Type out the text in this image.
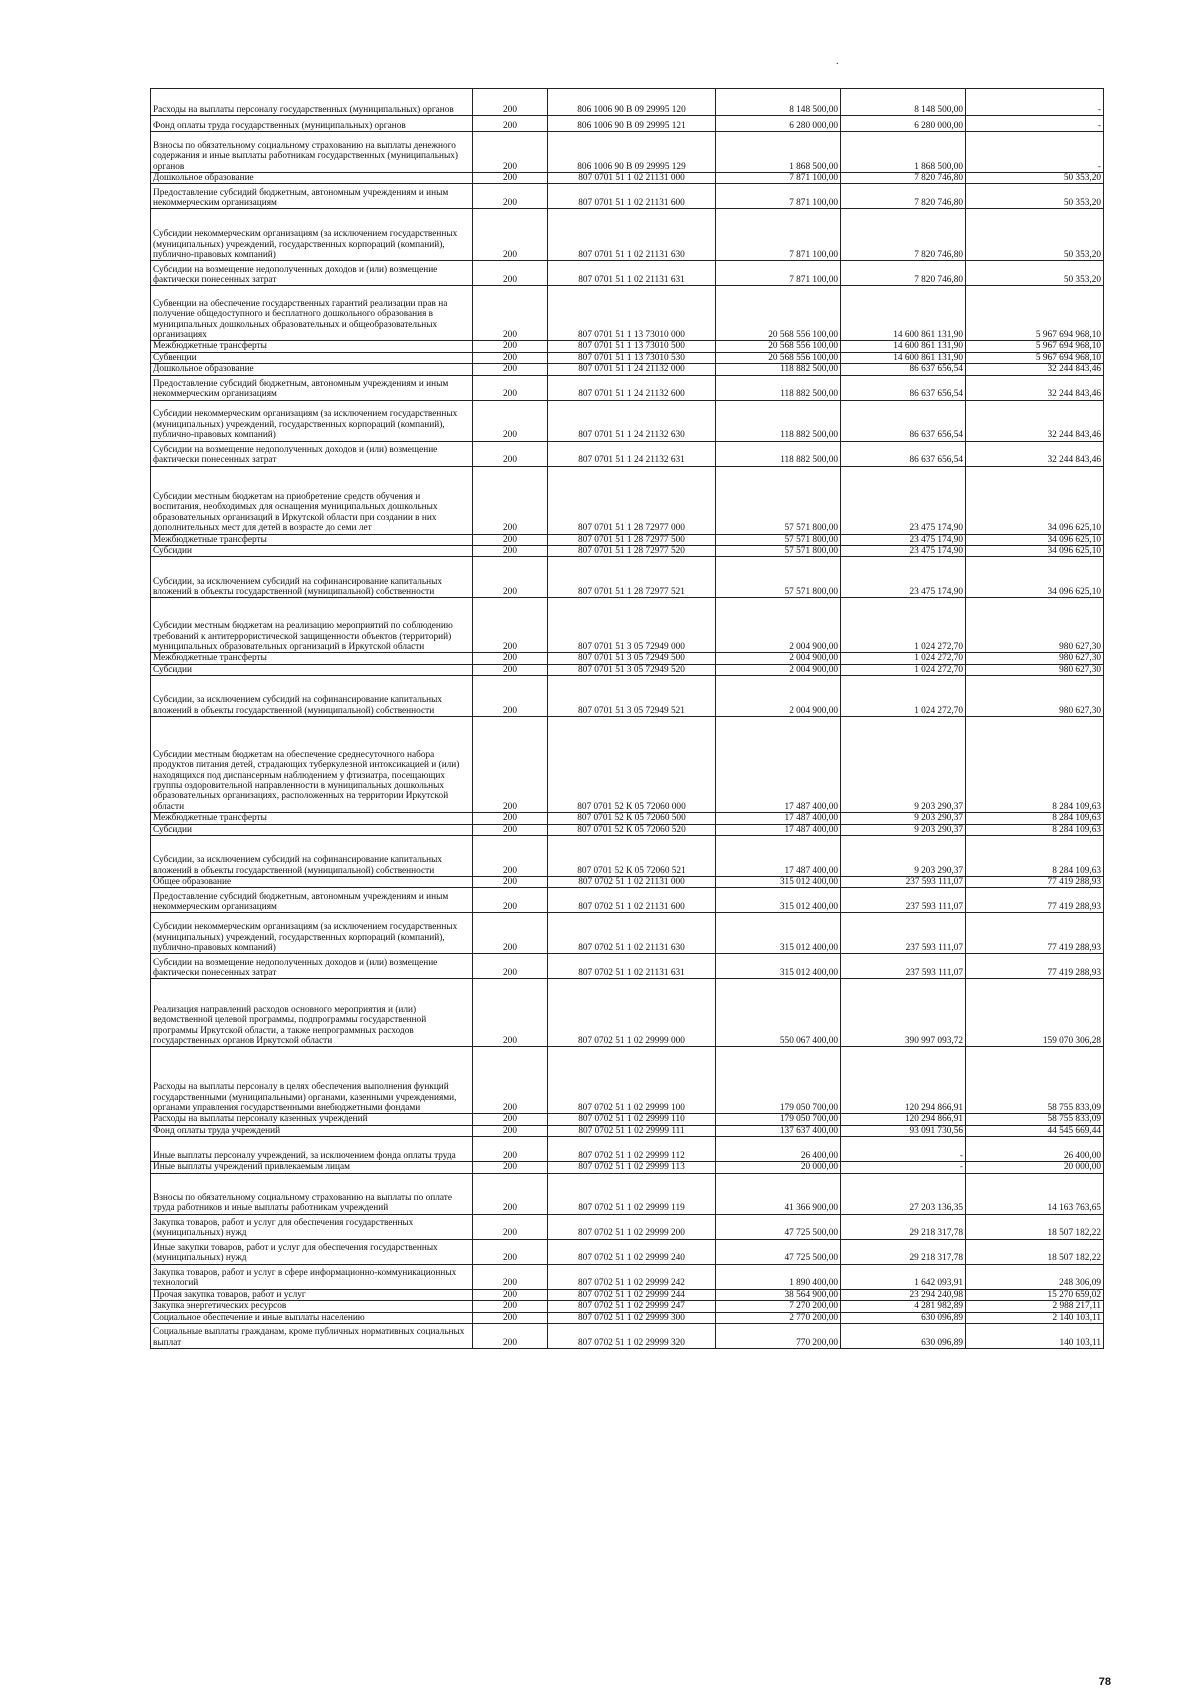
.
Расходы на выплаты персоналу государственных (муниципальных) органов	200	806 1006 90 В 09 29995 120	8 148 500,00	8 148 500,00	-
Фонд оплаты труда государственных (муниципальных) органов	200	806 1006 90 В 09 29995 121	6 280 000,00	6 280 000,00	-
Взносы по обязательному социальному страхованию на выплаты денежного содержания и иные выплаты работникам государственных (муниципальных) органов	200	806 1006 90 В 09 29995 129	1 868 500,00	1 868 500,00	-
Дошкольное образование	200	807 0701 51 1 02 21131 000	7 871 100,00	7 820 746,80	50 353,20
Предоставление субсидий бюджетным, автономным учреждениям и иным некоммерческим организациям	200	807 0701 51 1 02 21131 600	7 871 100,00	7 820 746,80	50 353,20
Субсидии некоммерческим организациям (за исключением государственных (муниципальных) учреждений, государственных корпораций (компаний), публично-правовых компаний)	200	807 0701 51 1 02 21131 630	7 871 100,00	7 820 746,80	50 353,20
Субсидии на возмещение недополученных доходов и (или) возмещение фактически понесенных затрат	200	807 0701 51 1 02 21131 631	7 871 100,00	7 820 746,80	50 353,20
Субвенции на обеспечение государственных гарантий реализации прав на получение общедоступного и бесплатного дошкольного образования в муниципальных дошкольных образовательных и общеобразовательных организациях	200	807 0701 51 1 13 73010 000	20 568 556 100,00	14 600 861 131,90	5 967 694 968,10
Межбюджетные трансферты	200	807 0701 51 1 13 73010 500	20 568 556 100,00	14 600 861 131,90	5 967 694 968,10
Субвенции	200	807 0701 51 1 13 73010 530	20 568 556 100,00	14 600 861 131,90	5 967 694 968,10
Дошкольное образование	200	807 0701 51 1 24 21132 000	118 882 500,00	86 637 656,54	32 244 843,46
Предоставление субсидий бюджетным, автономным учреждениям и иным некоммерческим организациям	200	807 0701 51 1 24 21132 600	118 882 500,00	86 637 656,54	32 244 843,46
Субсидии некоммерческим организациям (за исключением государственных (муниципальных) учреждений, государственных корпораций (компаний), публично-правовых компаний)	200	807 0701 51 1 24 21132 630	118 882 500,00	86 637 656,54	32 244 843,46
Субсидии на возмещение недополученных доходов и (или) возмещение фактически понесенных затрат	200	807 0701 51 1 24 21132 631	118 882 500,00	86 637 656,54	32 244 843,46
Субсидии местным бюджетам на приобретение средств обучения и воспитания, необходимых для оснащения муниципальных дошкольных образовательных организаций в Иркутской области при создании в них дополнительных мест для детей в возрасте до семи лет	200	807 0701 51 1 28 72977 000	57 571 800,00	23 475 174,90	34 096 625,10
Межбюджетные трансферты	200	807 0701 51 1 28 72977 500	57 571 800,00	23 475 174,90	34 096 625,10
Субсидии	200	807 0701 51 1 28 72977 520	57 571 800,00	23 475 174,90	34 096 625,10
Субсидии, за исключением субсидий на софинансирование капитальных вложений в объекты государственной (муниципальной) собственности	200	807 0701 51 1 28 72977 521	57 571 800,00	23 475 174,90	34 096 625,10
Субсидии местным бюджетам на реализацию мероприятий по соблюдению требований к антитеррористической защищенности объектов (территорий) муниципальных образовательных организаций в Иркутской области	200	807 0701 51 3 05 72949 000	2 004 900,00	1 024 272,70	980 627,30
Межбюджетные трансферты	200	807 0701 51 3 05 72949 500	2 004 900,00	1 024 272,70	980 627,30
Субсидии	200	807 0701 51 3 05 72949 520	2 004 900,00	1 024 272,70	980 627,30
Субсидии, за исключением субсидий на софинансирование капитальных вложений в объекты государственной (муниципальной) собственности	200	807 0701 51 3 05 72949 521	2 004 900,00	1 024 272,70	980 627,30
Субсидии местным бюджетам на обеспечение среднесуточного набора продуктов питания детей, страдающих туберкулезной интоксикацией и (или) находящихся под диспансерным наблюдением у фтизиатра, посещающих группы оздоровительной направленности в муниципальных дошкольных образовательных организациях, расположенных на территории Иркутской области	200	807 0701 52 К 05 72060 000	17 487 400,00	9 203 290,37	8 284 109,63
Межбюджетные трансферты	200	807 0701 52 К 05 72060 500	17 487 400,00	9 203 290,37	8 284 109,63
Субсидии	200	807 0701 52 К 05 72060 520	17 487 400,00	9 203 290,37	8 284 109,63
Субсидии, за исключением субсидий на софинансирование капитальных вложений в объекты государственной (муниципальной) собственности	200	807 0701 52 К 05 72060 521	17 487 400,00	9 203 290,37	8 284 109,63
Общее образование	200	807 0702 51 1 02 21131 000	315 012 400,00	237 593 111,07	77 419 288,93
Предоставление субсидий бюджетным, автономным учреждениям и иным некоммерческим организациям	200	807 0702 51 1 02 21131 600	315 012 400,00	237 593 111,07	77 419 288,93
Субсидии некоммерческим организациям (за исключением государственных (муниципальных) учреждений, государственных корпораций (компаний), публично-правовых компаний)	200	807 0702 51 1 02 21131 630	315 012 400,00	237 593 111,07	77 419 288,93
Субсидии на возмещение недополученных доходов и (или) возмещение фактически понесенных затрат	200	807 0702 51 1 02 21131 631	315 012 400,00	237 593 111,07	77 419 288,93
Реализация направлений расходов основного мероприятия и (или) ведомственной целевой программы, подпрограммы государственной программы Иркутской области, а также непрограммных расходов государственных органов Иркутской области	200	807 0702 51 1 02 29999 000	550 067 400,00	390 997 093,72	159 070 306,28
Расходы на выплаты персоналу в целях обеспечения выполнения функций государственными (муниципальными) органами, казенными учреждениями, органами управления государственными внебюджетными фондами	200	807 0702 51 1 02 29999 100	179 050 700,00	120 294 866,91	58 755 833,09
Расходы на выплаты персоналу казенных учреждений	200	807 0702 51 1 02 29999 110	179 050 700,00	120 294 866,91	58 755 833,09
Фонд оплаты труда учреждений	200	807 0702 51 1 02 29999 111	137 637 400,00	93 091 730,56	44 545 669,44
Иные выплаты персоналу учреждений, за исключением фонда оплаты труда	200	807 0702 51 1 02 29999 112	26 400,00	-	26 400,00
Иные выплаты учреждений привлекаемым лицам	200	807 0702 51 1 02 29999 113	20 000,00	-	20 000,00
Взносы по обязательному социальному страхованию на выплаты по оплате труда работников и иные выплаты работникам учреждений	200	807 0702 51 1 02 29999 119	41 366 900,00	27 203 136,35	14 163 763,65
Закупка товаров, работ и услуг для обеспечения государственных (муниципальных) нужд	200	807 0702 51 1 02 29999 200	47 725 500,00	29 218 317,78	18 507 182,22
Иные закупки товаров, работ и услуг для обеспечения государственных (муниципальных) нужд	200	807 0702 51 1 02 29999 240	47 725 500,00	29 218 317,78	18 507 182,22
Закупка товаров, работ и услуг в сфере информационно-коммуникационных технологий	200	807 0702 51 1 02 29999 242	1 890 400,00	1 642 093,91	248 306,09
Прочая закупка товаров, работ и услуг	200	807 0702 51 1 02 29999 244	38 564 900,00	23 294 240,98	15 270 659,02
Закупка энергетических ресурсов	200	807 0702 51 1 02 29999 247	7 270 200,00	4 281 982,89	2 988 217,11
Социальное обеспечение и иные выплаты населению	200	807 0702 51 1 02 29999 300	2 770 200,00	630 096,89	2 140 103,11
Социальные выплаты гражданам, кроме публичных нормативных социальных выплат	200	807 0702 51 1 02 29999 320	770 200,00	630 096,89	140 103,11
78
